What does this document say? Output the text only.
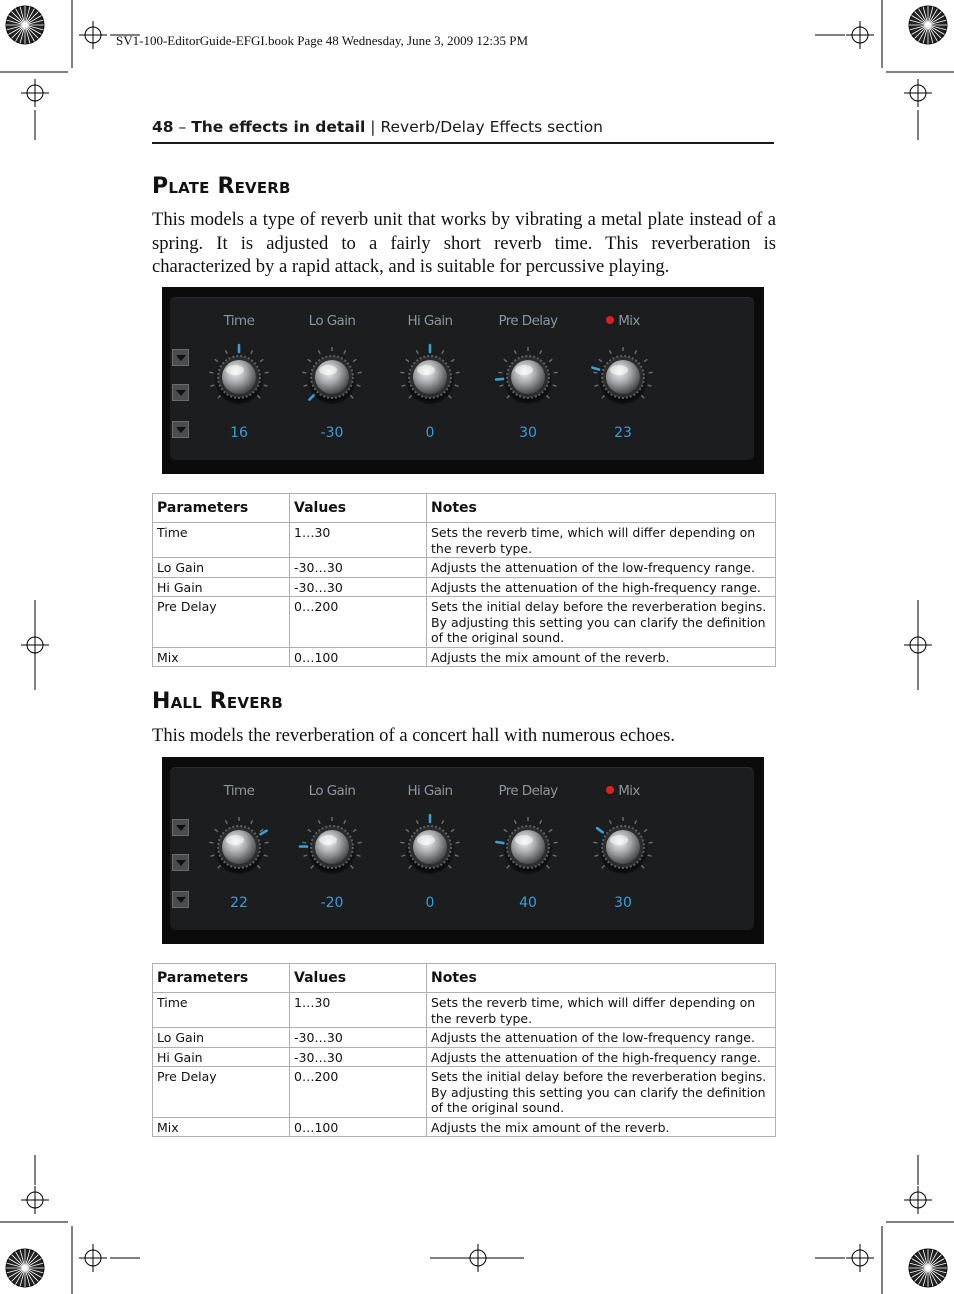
SV1-100-EditorGuide-EFGI.book Page 48 Wednesday, June 3, 2009 12:35 PM
48 – The effects in detail | Reverb/Delay Effects section
Plate Reverb

This models a type of reverb unit that works by vibrating a metal plate instead of a spring. It is adjusted to a fairly short reverb time. This reverberation is characterized by a rapid attack, and is suitable for percussive playing.

Time
16
Lo Gain
-30
Hi Gain
0
Pre Delay
30
Mix
23
Parameters	Values	Notes
Time	1…30	Sets the reverb time, which will differ depending on the reverb type.
Lo Gain	-30…30	Adjusts the attenuation of the low-frequency range.
Hi Gain	-30…30	Adjusts the attenuation of the high-frequency range.
Pre Delay	0…200	Sets the initial delay before the reverberation begins. By adjusting this setting you can clarify the definition of the original sound.
Mix	0…100	Adjusts the mix amount of the reverb.
Hall Reverb

This models the reverberation of a concert hall with numerous echoes.

Time
22
Lo Gain
-20
Hi Gain
0
Pre Delay
40
Mix
30
Parameters	Values	Notes
Time	1…30	Sets the reverb time, which will differ depending on the reverb type.
Lo Gain	-30…30	Adjusts the attenuation of the low-frequency range.
Hi Gain	-30…30	Adjusts the attenuation of the high-frequency range.
Pre Delay	0…200	Sets the initial delay before the reverberation begins. By adjusting this setting you can clarify the definition of the original sound.
Mix	0…100	Adjusts the mix amount of the reverb.
